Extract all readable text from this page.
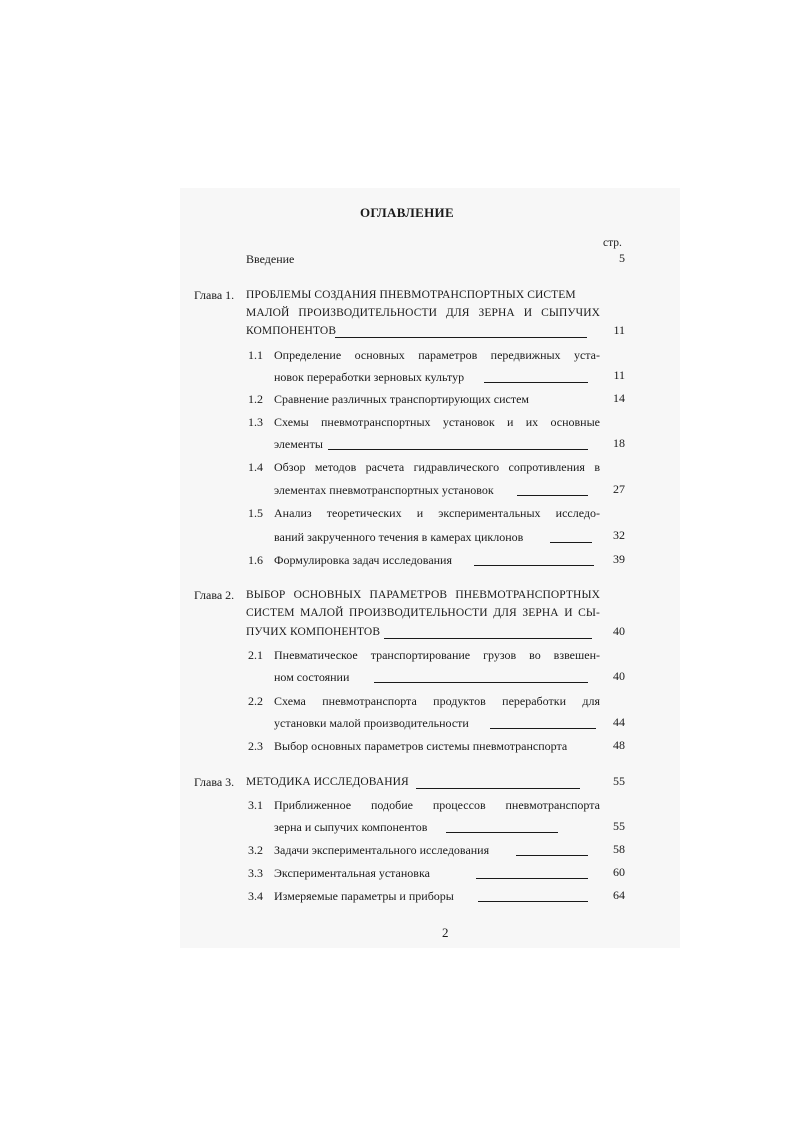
ОГЛАВЛЕНИЕ
стр.
Введение	5
Глава 1. ПРОБЛЕМЫ СОЗДАНИЯ ПНЕВМОТРАНСПОРТНЫХ СИСТЕМ
МАЛОЙ ПРОИЗВОДИТЕЛЬНОСТИ ДЛЯ ЗЕРНА И СЫПУЧИХ
КОМПОНЕНТОВ	11
1.1 Определение основных параметров передвижных уста-
новок переработки зерновых культур	11
1.2 Сравнение различных транспортирующих систем	14
1.3 Схемы пневмотранспортных установок и их основные
элементы	18
1.4 Обзор методов расчета гидравлического сопротивления в
элементах пневмотранспортных установок	27
1.5 Анализ теоретических и экспериментальных исследо-
ваний закрученного течения в камерах циклонов	32
1.6 Формулировка задач исследования	39
Глава 2. ВЫБОР ОСНОВНЫХ ПАРАМЕТРОВ ПНЕВМОТРАНСПОРТНЫХ
СИСТЕМ МАЛОЙ ПРОИЗВОДИТЕЛЬНОСТИ ДЛЯ ЗЕРНА И СЫ-
ПУЧИХ КОМПОНЕНТОВ	40
2.1 Пневматическое транспортирование грузов во взвешен-
ном состоянии	40
2.2 Схема пневмотранспорта продуктов переработки для
установки малой производительности	44
2.3 Выбор основных параметров системы пневмотранспорта	48
Глава 3. МЕТОДИКА ИССЛЕДОВАНИЯ	55
3.1 Приближенное подобие процессов пневмотранспорта
зерна и сыпучих компонентов	55
3.2 Задачи экспериментального исследования	58
3.3 Экспериментальная установка	60
3.4 Измеряемые параметры и приборы	64
2
